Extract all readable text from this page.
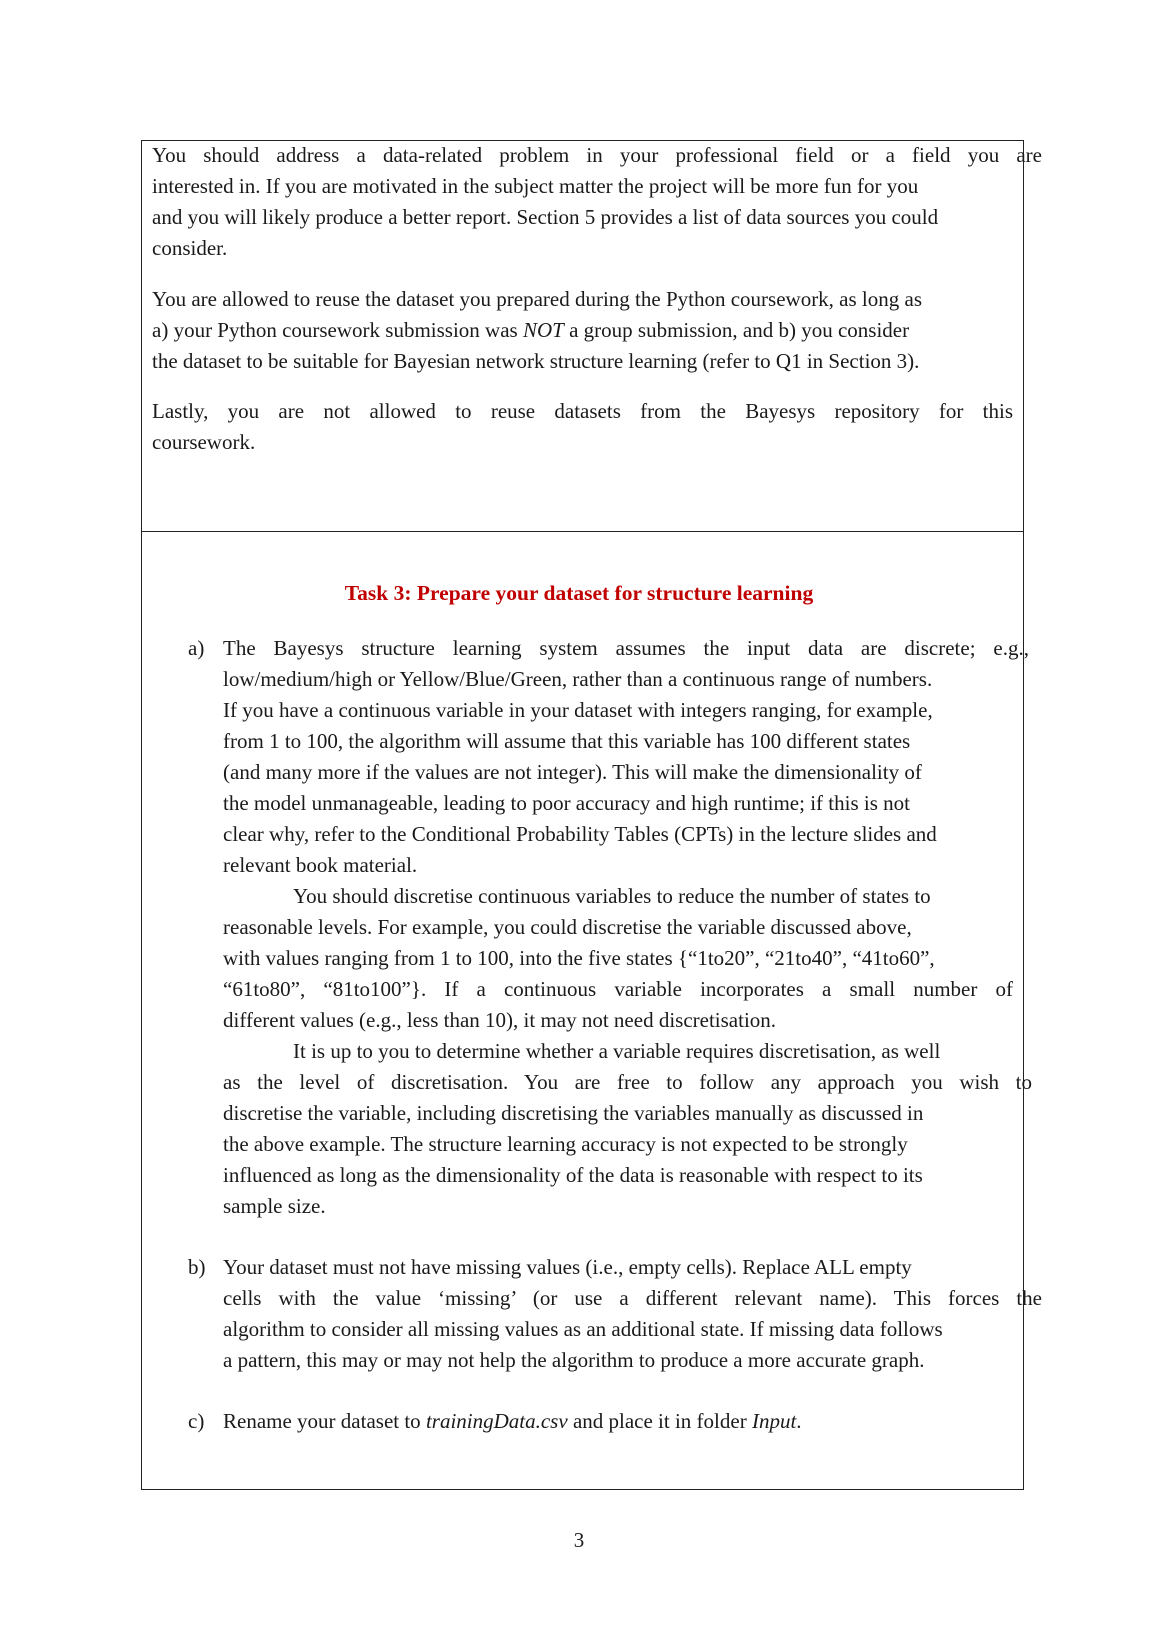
You should address a data-related problem in your professional field or a field you are

interested in. If you are motivated in the subject matter the project will be more fun for you

and you will likely produce a better report. Section 5 provides a list of data sources you could

consider.

You are allowed to reuse the dataset you prepared during the Python coursework, as long as

a) your Python coursework submission was NOT a group submission, and b) you consider

the dataset to be suitable for Bayesian network structure learning (refer to Q1 in Section 3).

Lastly, you are not allowed to reuse datasets from the Bayesys repository for this

coursework.

Task 3: Prepare your dataset for structure learning
a) The Bayesys structure learning system assumes the input data are discrete; e.g.,

low/medium/high or Yellow/Blue/Green, rather than a continuous range of numbers.

If you have a continuous variable in your dataset with integers ranging, for example,

from 1 to 100, the algorithm will assume that this variable has 100 different states

(and many more if the values are not integer). This will make the dimensionality of

the model unmanageable, leading to poor accuracy and high runtime; if this is not

clear why, refer to the Conditional Probability Tables (CPTs) in the lecture slides and

relevant book material.

You should discretise continuous variables to reduce the number of states to

reasonable levels. For example, you could discretise the variable discussed above,

with values ranging from 1 to 100, into the five states {“1to20”, “21to40”, “41to60”,

“61to80”, “81to100”}. If a continuous variable incorporates a small number of

different values (e.g., less than 10), it may not need discretisation.

It is up to you to determine whether a variable requires discretisation, as well

as the level of discretisation. You are free to follow any approach you wish to

discretise the variable, including discretising the variables manually as discussed in

the above example. The structure learning accuracy is not expected to be strongly

influenced as long as the dimensionality of the data is reasonable with respect to its

sample size.

b) Your dataset must not have missing values (i.e., empty cells). Replace ALL empty

cells with the value ‘missing’ (or use a different relevant name). This forces the

algorithm to consider all missing values as an additional state. If missing data follows

a pattern, this may or may not help the algorithm to produce a more accurate graph.

c) Rename your dataset to trainingData.csv and place it in folder Input.

3
